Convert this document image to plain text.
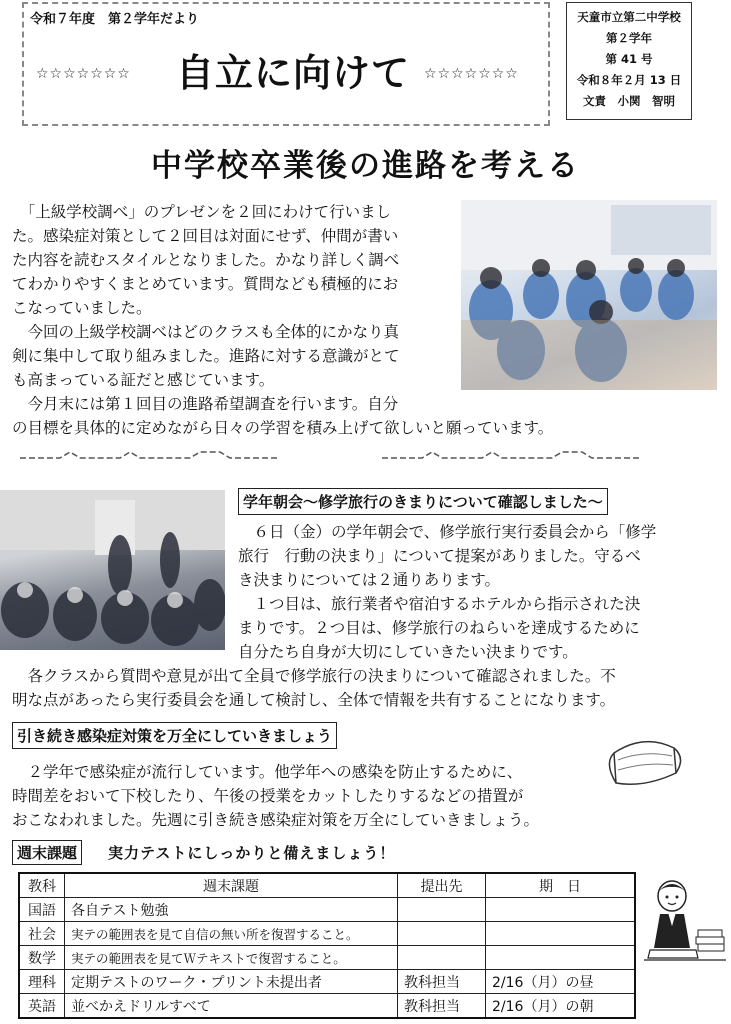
令和７年度　第２学年だより
☆☆☆☆☆☆☆ 自立に向けて ☆☆☆☆☆☆☆
天童市立第二中学校
第２学年
第 41 号
令和８年２月 13 日
文責　小関　智明
中学校卒業後の進路を考える

　「上級学校調べ」のプレゼンを２回にわけて行いまし

た。感染症対策として２回目は対面にせず、仲間が書い

た内容を読むスタイルとなりました。かなり詳しく調べ

てわかりやすくまとめています。質問なども積極的にお

こなっていました。

　今回の上級学校調べはどのクラスも全体的にかなり真

剣に集中して取り組みました。進路に対する意識がとて

も高まっている証だと感じています。

　今月末には第１回目の進路希望調査を行います。自分

の目標を具体的に定めながら日々の学習を積み上げて欲しいと願っています。

学年朝会～修学旅行のきまりについて確認しました～

　６日（金）の学年朝会で、修学旅行実行委員会から「修学

旅行　行動の決まり」について提案がありました。守るべ

き決まりについては２通りあります。

　１つ目は、旅行業者や宿泊するホテルから指示された決

まりです。２つ目は、修学旅行のねらいを達成するために

自分たち自身が大切にしていきたい決まりです。

　各クラスから質問や意見が出て全員で修学旅行の決まりについて確認されました。不

明な点があったら実行委員会を通して検討し、全体で情報を共有することになります。

引き続き感染症対策を万全にしていきましょう

　２学年で感染症が流行しています。他学年への感染を防止するために、

時間差をおいて下校したり、午後の授業をカットしたりするなどの措置が

おこなわれました。先週に引き続き感染症対策を万全にしていきましょう。

週末課題	実力テストにしっかりと備えましょう！
教科	週末課題	提出先	期　日
国語	各自テスト勉強		
社会	実テの範囲表を見て自信の無い所を復習すること。		
数学	実テの範囲表を見てＷテキストで復習すること。		
理科	定期テストのワーク・プリント未提出者	教科担当	2/16（月）の昼
英語	並べかえドリルすべて	教科担当	2/16（月）の朝
